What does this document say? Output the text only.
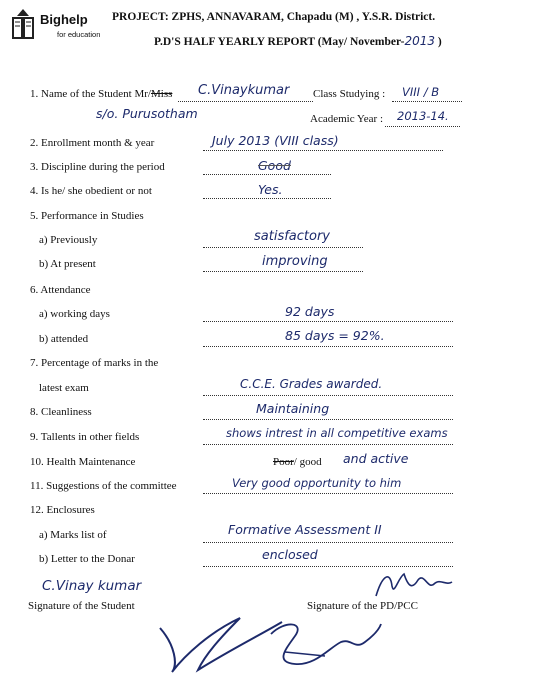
Bighelp
for education
PROJECT: ZPHS, ANNAVARAM, Chapadu (M) , Y.S.R. District.
P.D'S HALF YEARLY REPORT (May/ November-2013 )
1. Name of the Student Mr/Miss C.Vinaykumar Class Studying : VIII / B
s/o. Purusotham	Academic Year : 2013-14.
2. Enrollment month & year	July 2013 (VIII class)
3. Discipline during the period	Good
4. Is he/ she obedient or not	Yes.
5. Performance in Studies
a) Previously	satisfactory
b) At present	improving
6. Attendance
a) working days	92 days
b) attended	85 days = 92%.
7. Percentage of marks in the
latest exam	C.C.E. Grades awarded.
8. Cleanliness	Maintaining
9. Tallents in other fields	shows intrest in all competitive exams
10. Health Maintenance	Poor/ good and active
11. Suggestions of the committee	Very good opportunity to him
12. Enclosures
a) Marks list of	Formative Assessment II
b) Letter to the Donar	enclosed
C.Vinay kumar
Signature of the Student	Signature of the PD/PCC
